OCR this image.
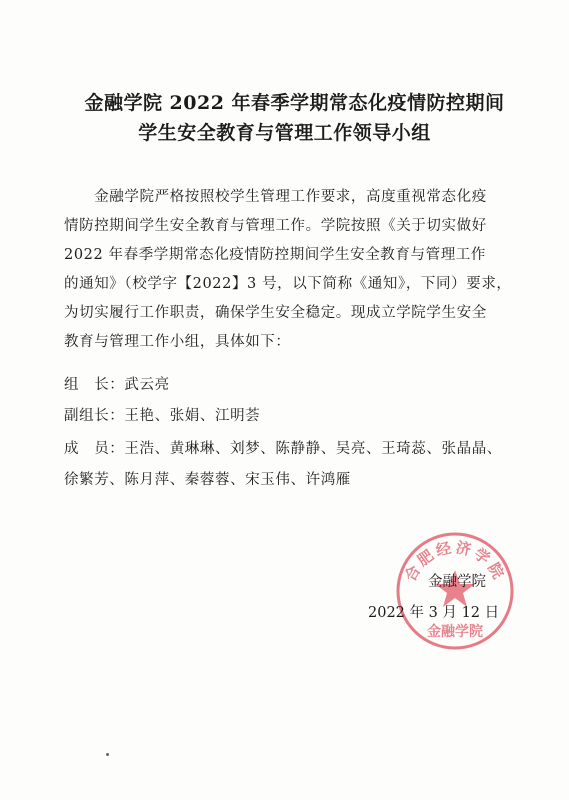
金融学院 2022 年春季学期常态化疫情防控期间
学生安全教育与管理工作领导小组
　　金融学院严格按照校学生管理工作要求，高度重视常态化疫
情防控期间学生安全教育与管理工作。学院按照《关于切实做好
2022 年春季学期常态化疫情防控期间学生安全教育与管理工作
的通知》（校学字【2022】3 号，以下简称《通知》，下同）要求，
为切实履行工作职责，确保学生安全稳定。现成立学院学生安全
教育与管理工作小组，具体如下：
组　长：武云亮
副组长：王艳、张娟、江明荟
成　员：王浩、黄琳琳、刘梦、陈静静、吴亮、王琦蕊、张晶晶、
徐繁芳、陈月萍、秦蓉蓉、宋玉伟、许鸿雁
合肥经济学院
金融学院
金融学院
2022 年 3 月 12 日
